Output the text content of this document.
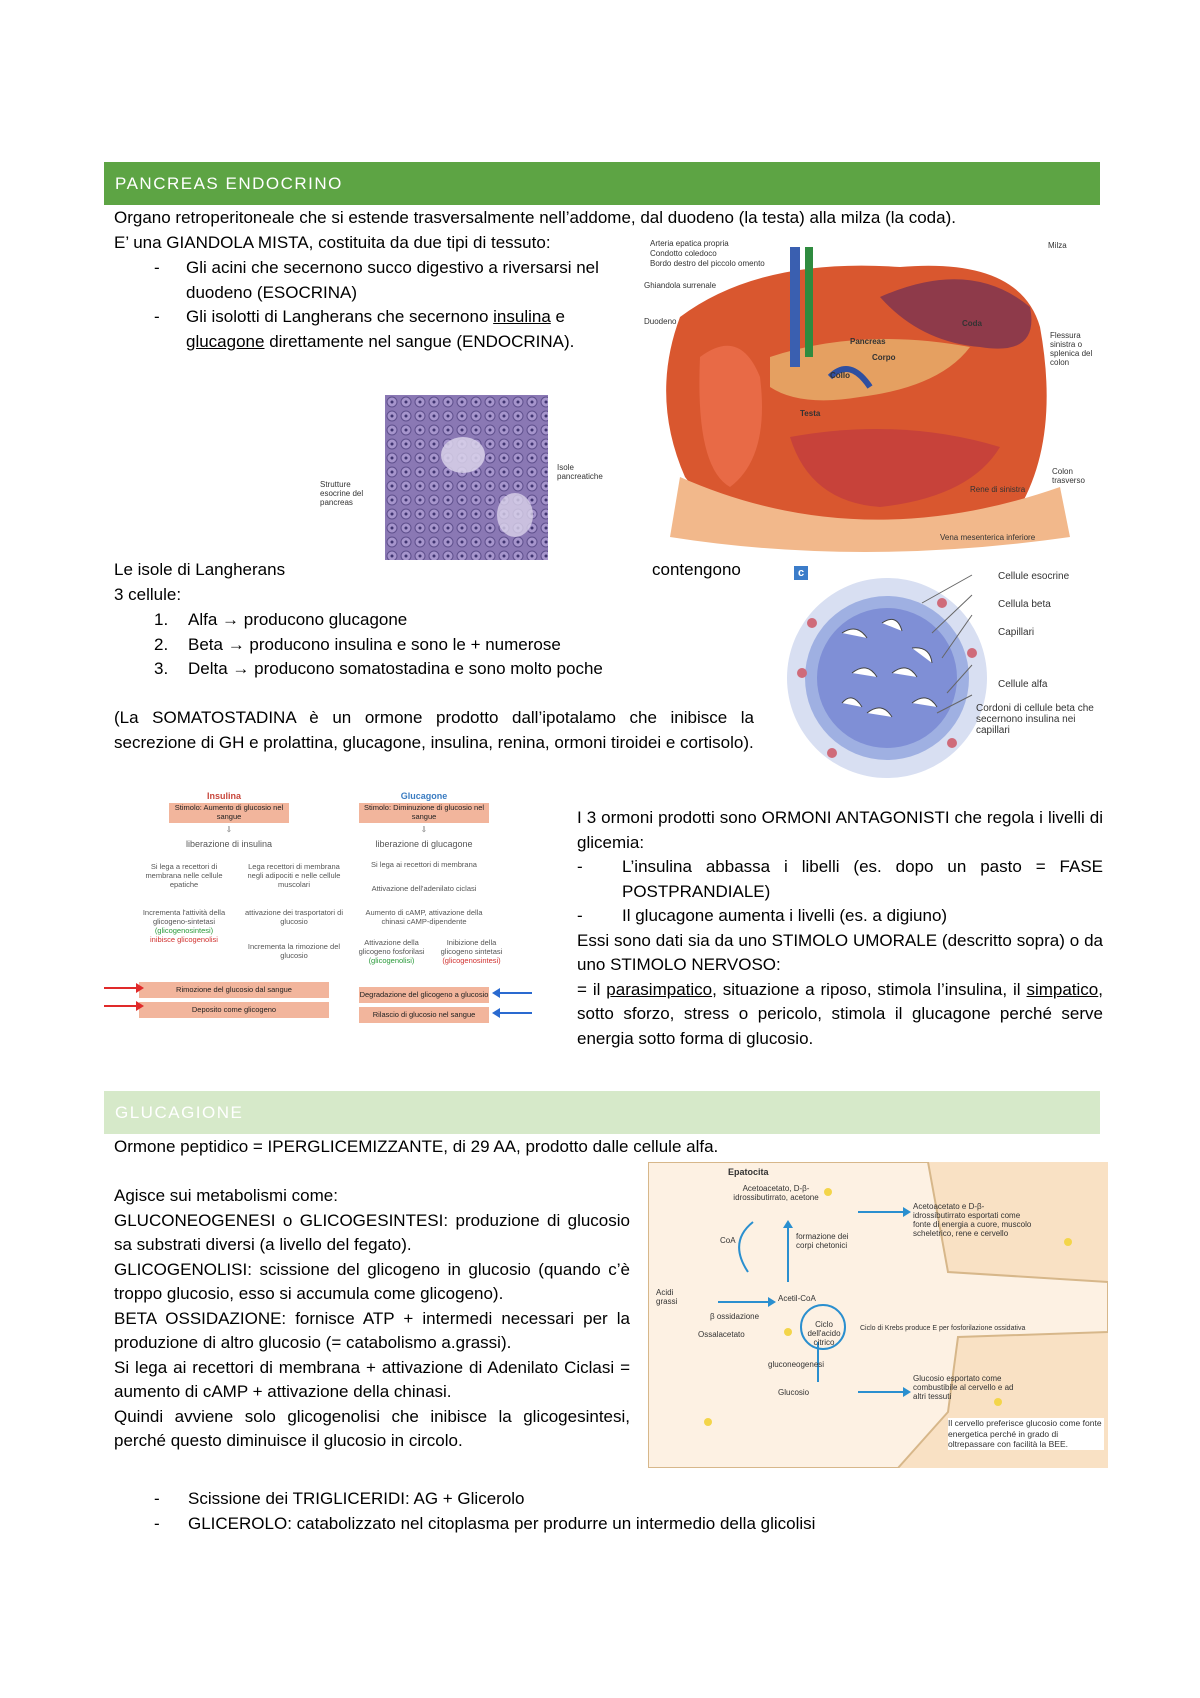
PANCREAS ENDOCRINO
Organo retroperitoneale che si estende trasversalmente nell’addome, dal duodeno (la testa) alla milza (la coda).
E’ una GIANDOLA MISTA, costituita da due tipi di tessuto:
- Gli acini che secernono succo digestivo a riversarsi nel
duodeno (ESOCRINA)
- Gli isolotti di Langherans che secernono insulina e
glucagone direttamente nel sangue (ENDOCRINA).
Strutture esocrine del pancreas
Isole pancreatiche
Arteria epatica propria
Condotto coledoco
Bordo destro del piccolo omento
Ghiandola surrenale
Duodeno
Milza
Coda
Pancreas
Corpo
Collo
Testa
Flessura sinistra o splenica del colon
Colon trasverso
Rene di sinistra
Vena mesenterica inferiore
Le isole di Langherans	contengono
3 cellule:
1. Alfa → producono glucagone
2. Beta → producono insulina e sono le + numerose
3. Delta → producono somatostadina e sono molto poche
(La SOMATOSTADINA è un ormone prodotto dall’ipotalamo che inibisce la secrezione di GH e prolattina, glucagone, insulina, renina, ormoni tiroidei e cortisolo).
c	Cellule esocrine
Cellula beta
Capillari
Cellule alfa
Cordoni di cellule beta che secernono insulina nei capillari
Insulina	Glucagone
Stimolo: Aumento di glucosio nel sangue
Stimolo: Diminuzione di glucosio nel sangue
⇩	⇩
liberazione di insulina	liberazione di glucagone
Si lega a recettori di membrana nelle cellule epatiche
Lega recettori di membrana negli adipociti e nelle cellule muscolari
Si lega ai recettori di membrana
Attivazione dell'adenilato ciclasi
Aumento di cAMP, attivazione della chinasi cAMP-dipendente
Incrementa l'attività della glicogeno-sintetasi
(glicogenosintesi)
inibisce glicogenolisi
attivazione dei trasportatori di glucosio
Incrementa la rimozione del glucosio
Attivazione della glicogeno fosforilasi
(glicogenolisi)
Inibizione della glicogeno sintetasi
(glicogenosintesi)
Rimozione del glucosio dal sangue
Deposito come glicogeno
Degradazione del glicogeno a glucosio
Rilascio di glucosio nel sangue
I 3 ormoni prodotti sono ORMONI ANTAGONISTI che regola i livelli di glicemia:
- L’insulina abbassa i libelli (es. dopo un pasto = FASE POSTPRANDIALE)
- Il glucagone aumenta i livelli (es. a digiuno)
Essi sono dati sia da uno STIMOLO UMORALE (descritto sopra) o da uno STIMOLO NERVOSO:
= il parasimpatico, situazione a riposo, stimola l’insulina, il simpatico, sotto sforzo, stress o pericolo, stimola il glucagone perché serve energia sotto forma di glucosio.
GLUCAGIONE
Ormone peptidico = IPERGLICEMIZZANTE, di 29 AA, prodotto dalle cellule alfa.
Agisce sui metabolismi come:
GLUCONEOGENESI o GLICOGESINTESI: produzione di glucosio sa substrati diversi (a livello del fegato).
GLICOGENOLISI: scissione del glicogeno in glucosio (quando c’è troppo glucosio, esso si accumula come glicogeno).
BETA OSSIDAZIONE: fornisce ATP + intermedi necessari per la produzione di altro glucosio (= catabolismo a.grassi).
Si lega ai recettori di membrana + attivazione di Adenilato Ciclasi = aumento di cAMP + attivazione della chinasi.
Quindi avviene solo glicogenolisi che inibisce la glicogesintesi, perché questo diminuisce il glucosio in circolo.
- Scissione dei TRIGLICERIDI: AG + Glicerolo
- GLICEROLO: catabolizzato nel citoplasma per produrre un intermedio della glicolisi
Epatocita
Acetoacetato, D-β-idrossibutirrato, acetone
Acetoacetato e D-β-idrossibutirrato esportati come fonte di energia a cuore, muscolo scheletrico, rene e cervello
CoA	formazione dei corpi chetonici
Acidi grassi	Acetil-CoA
β ossidazione
Ossalacetato
Ciclo dell'acido citrico
Ciclo di Krebs produce E per fosforilazione ossidativa
gluconeogenesi
Glucosio
Glucosio esportato come combustibile al cervello e ad altri tessuti
Il cervello preferisce glucosio come fonte energetica perché in grado di oltrepassare con facilità la BEE.
